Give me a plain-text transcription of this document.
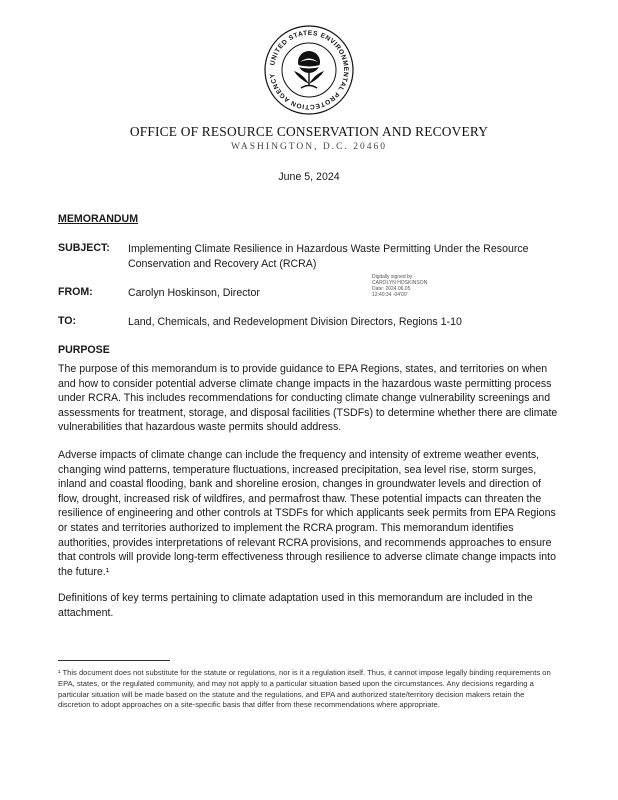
UNITED STATES ENVIRONMENTAL PROTECTION AGENCY
OFFICE OF RESOURCE CONSERVATION AND RECOVERY
WASHINGTON, D.C. 20460
June 5, 2024
MEMORANDUM
SUBJECT: Implementing Climate Resilience in Hazardous Waste Permitting Under the Resource Conservation and Recovery Act (RCRA)
FROM:	Carolyn Hoskinson, Director
Digitally signed by
CAROLYN HOSKINSON
Date: 2024.06.05
12:40:34 -04'00'
TO:	Land, Chemicals, and Redevelopment Division Directors, Regions 1-10
PURPOSE
The purpose of this memorandum is to provide guidance to EPA Regions, states, and territories on when and how to consider potential adverse climate change impacts in the hazardous waste permitting process under RCRA. This includes recommendations for conducting climate change vulnerability screenings and assessments for treatment, storage, and disposal facilities (TSDFs) to determine whether there are climate vulnerabilities that hazardous waste permits should address.
Adverse impacts of climate change can include the frequency and intensity of extreme weather events, changing wind patterns, temperature fluctuations, increased precipitation, sea level rise, storm surges, inland and coastal flooding, bank and shoreline erosion, changes in groundwater levels and direction of flow, drought, increased risk of wildfires, and permafrost thaw. These potential impacts can threaten the resilience of engineering and other controls at TSDFs for which applicants seek permits from EPA Regions or states and territories authorized to implement the RCRA program. This memorandum identifies authorities, provides interpretations of relevant RCRA provisions, and recommends approaches to ensure that controls will provide long-term effectiveness through resilience to adverse climate change impacts into the future.¹
Definitions of key terms pertaining to climate adaptation used in this memorandum are included in the attachment.
¹ This document does not substitute for the statute or regulations, nor is it a regulation itself. Thus, it cannot impose legally binding requirements on EPA, states, or the regulated community, and may not apply to a particular situation based upon the circumstances. Any decisions regarding a particular situation will be made based on the statute and the regulations, and EPA and authorized state/territory decision makers retain the discretion to adopt approaches on a site-specific basis that differ from these recommendations where appropriate.
